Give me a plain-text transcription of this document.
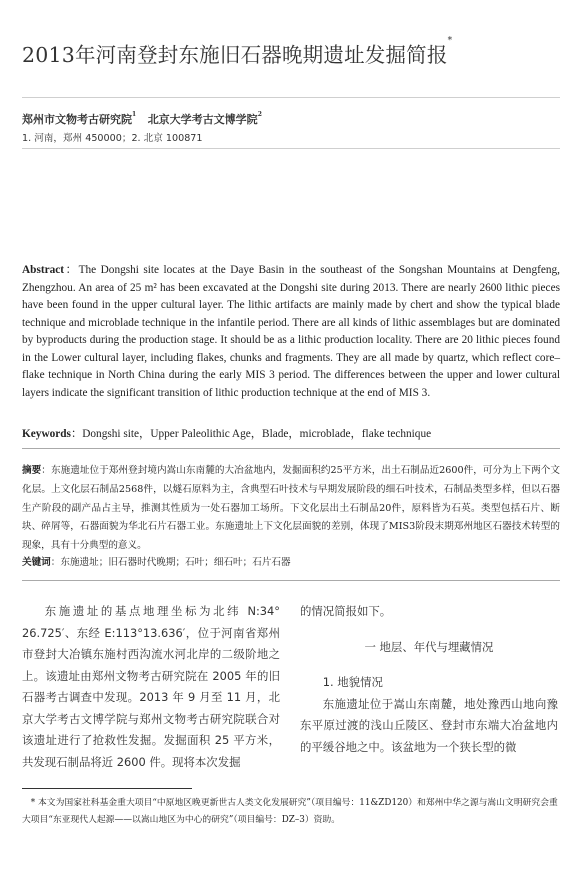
2013年河南登封东施旧石器晚期遗址发掘简报*
郑州市文物考古研究院$^1$ 北京大学考古文博学院$^2$
1. 河南，郑州 450000；2. 北京 100871
Abstract：The Dongshi site locates at the Daye Basin in the southeast of the Songshan Mountains at Dengfeng, Zhengzhou. An area of 25 m² has been excavated at the Dongshi site during 2013. There are nearly 2600 lithic pieces have been found in the upper cultural layer. The lithic artifacts are mainly made by chert and show the typical blade technique and microblade technique in the infantile period. There are all kinds of lithic assemblages but are dominated by byproducts during the production stage. It should be as a lithic production locality. There are 20 lithic pieces found in the Lower cultural layer, including flakes, chunks and fragments. They are all made by quartz, which reflect core–flake technique in North China during the early MIS 3 period. The differences between the upper and lower cultural layers indicate the significant transition of lithic production technique at the end of MIS 3.
Keywords：Dongshi site，Upper Paleolithic Age，Blade，microblade，flake technique
摘要：东施遗址位于郑州登封境内嵩山东南麓的大冶盆地内，发掘面积约25平方米，出土石制品近2600件，可分为上下两个文化层。上文化层石制品2568件，以燧石原料为主，含典型石叶技术与早期发展阶段的细石叶技术，石制品类型多样，但以石器生产阶段的副产品占主导，推测其性质为一处石器加工场所。下文化层出土石制品20件，原料皆为石英。类型包括石片、断块、碎屑等，石器面貌为华北石片石器工业。东施遗址上下文化层面貌的差别，体现了MIS3阶段末期郑州地区石器技术转型的现象，具有十分典型的意义。
关键词：东施遗址；旧石器时代晚期；石叶；细石叶；石片石器

东施遗址的基点地理坐标为北纬 N:34° 26.725′、东经 E:113°13.636′，位于河南省郑州市登封大冶镇东施村西沟流水河北岸的二级阶地之上。该遗址由郑州文物考古研究院在 2005 年的旧石器考古调查中发现。2013 年 9 月至 11 月，北京大学考古文博学院与郑州文物考古研究院联合对该遗址进行了抢救性发掘。发掘面积 25 平方米，共发现石制品将近 2600 件。现将本次发掘

的情况简报如下。

一 地层、年代与埋藏情况

1. 地貌情况

东施遗址位于嵩山东南麓，地处豫西山地向豫东平原过渡的浅山丘陵区、登封市东端大冶盆地内的平缓谷地之中。该盆地为一个狭长型的微

* 本文为国家社科基金重大项目“中原地区晚更新世古人类文化发展研究”（项目编号：11&ZD120）和郑州中华之源与嵩山文明研究会重大项目“东亚现代人起源——以嵩山地区为中心的研究”（项目编号：DZ–3）资助。
